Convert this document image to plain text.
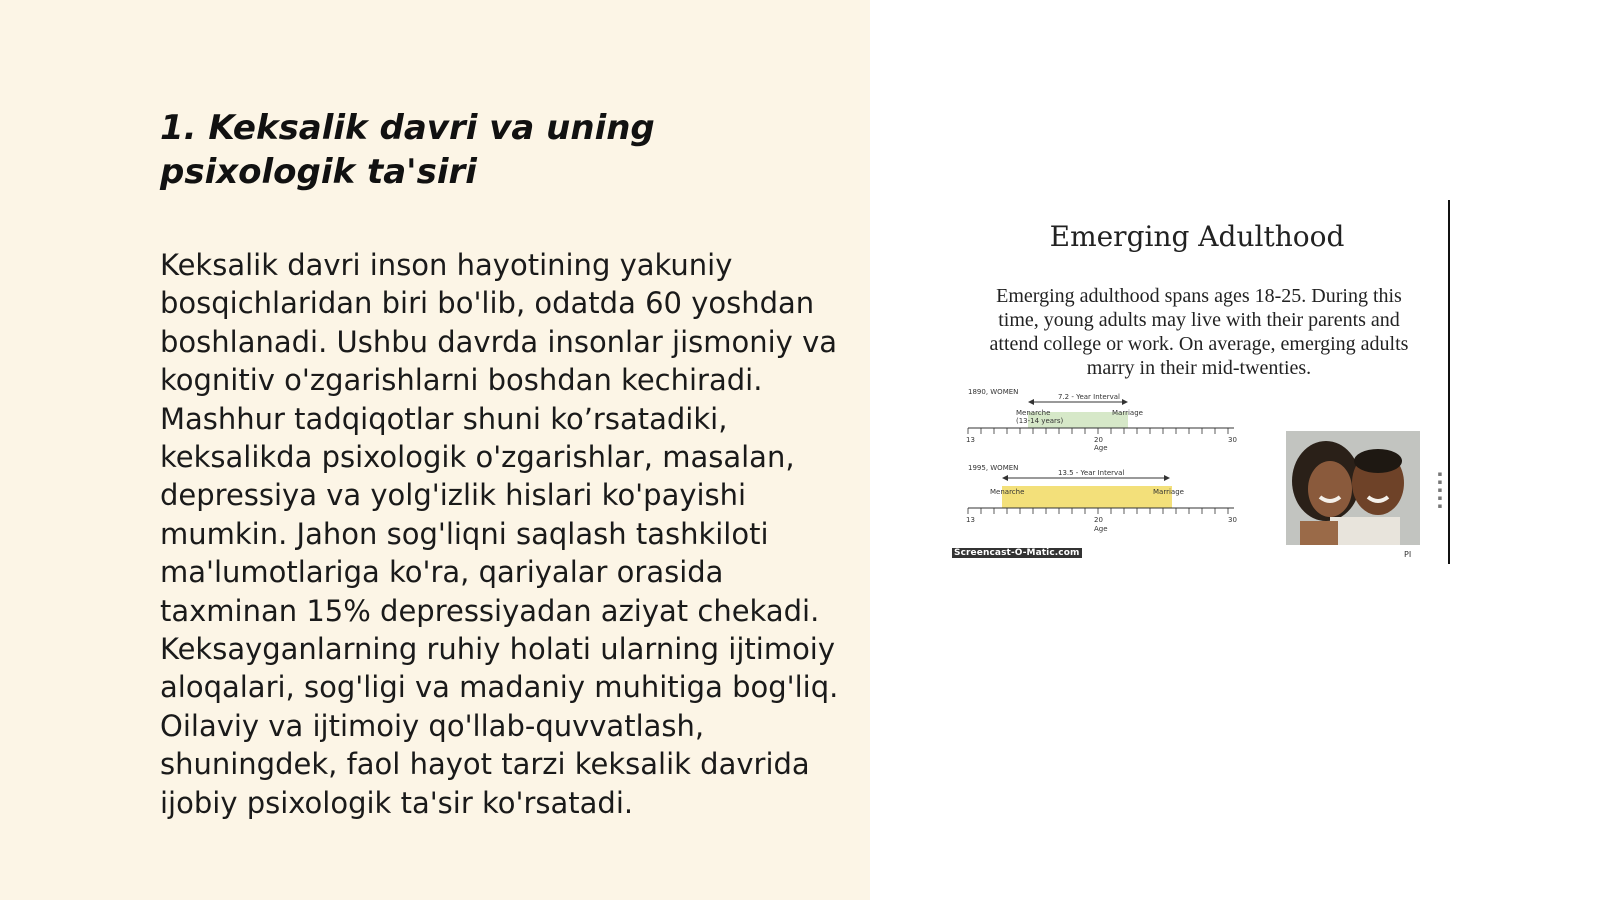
1. Keksalik davri va uning psixologik ta'siri

Keksalik davri inson hayotining yakuniy bosqichlaridan biri bo'lib, odatda 60 yoshdan boshlanadi. Ushbu davrda insonlar jismoniy va kognitiv o'zgarishlarni boshdan kechiradi. Mashhur tadqiqotlar shuni ko’rsatadiki, keksalikda psixologik o'zgarishlar, masalan, depressiya va yolg'izlik hislari ko'payishi mumkin. Jahon sog'liqni saqlash tashkiloti ma'lumotlariga ko'ra, qariyalar orasida taxminan 15% depressiyadan aziyat chekadi. Keksayganlarning ruhiy holati ularning ijtimoiy aloqalari, sog'ligi va madaniy muhitiga bog'liq. Oilaviy va ijtimoiy qo'llab-quvvatlash, shuningdek, faol hayot tarzi keksalik davrida ijobiy psixologik ta'sir ko'rsatadi.

Emerging Adulthood
Emerging adulthood spans ages 18-25. During this time, young adults may live with their parents and attend college or work. On average, emerging adults marry in their mid-twenties.
1890, WOMEN
7.2 - Year Interval
Menarche
(13-14 years)
Marriage
13	20	30
Age
1995, WOMEN
13.5 - Year Interval
Menarche	Marriage
13	20	30
Age
▪▪▪▪▪
Screencast-O-Matic.com	PI
